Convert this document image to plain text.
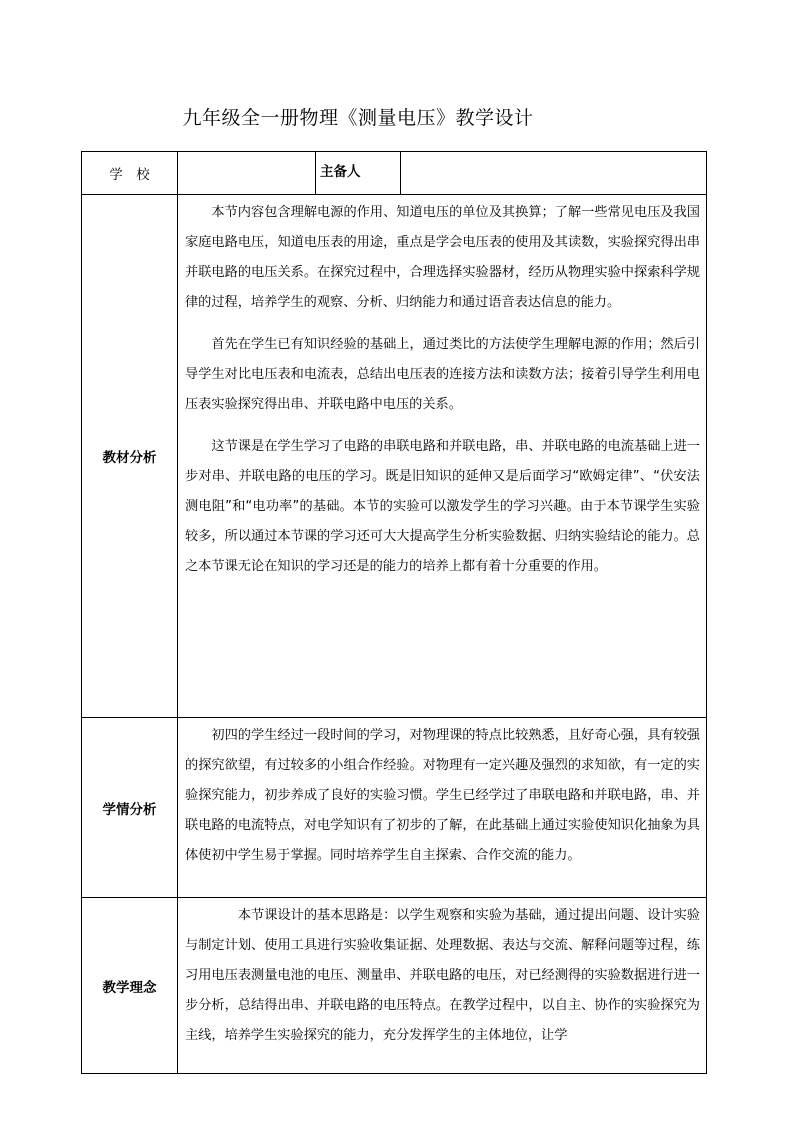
九年级全一册物理《测量电压》教学设计
学　校		主备人	
教材分析	本节内容包含理解电源的作用、知道电压的单位及其换算；了解一些常见电压及我国家庭电路电压，知道电压表的用途，重点是学会电压表的使用及其读数，实验探究得出串并联电路的电压关系。在探究过程中，合理选择实验器材，经历从物理实验中探索科学规律的过程，培养学生的观察、分析、归纳能力和通过语音表达信息的能力。

首先在学生已有知识经验的基础上，通过类比的方法使学生理解电源的作用；然后引导学生对比电压表和电流表，总结出电压表的连接方法和读数方法；接着引导学生利用电压表实验探究得出串、并联电路中电压的关系。

这节课是在学生学习了电路的串联电路和并联电路，串、并联电路的电流基础上进一步对串、并联电路的电压的学习。既是旧知识的延伸又是后面学习“欧姆定律”、“伏安法测电阻”和“电功率”的基础。本节的实验可以激发学生的学习兴趣。由于本节课学生实验较多，所以通过本节课的学习还可大大提高学生分析实验数据、归纳实验结论的能力。总之本节课无论在知识的学习还是的能力的培养上都有着十分重要的作用。		

学情分析	初四的学生经过一段时间的学习，对物理课的特点比较熟悉，且好奇心强，具有较强的探究欲望，有过较多的小组合作经验。对物理有一定兴趣及强烈的求知欲，有一定的实验探究能力，初步养成了良好的实验习惯。学生已经学过了串联电路和并联电路，串、并联电路的电流特点，对电学知识有了初步的了解，在此基础上通过实验使知识化抽象为具体使初中学生易于掌握。同时培养学生自主探索、合作交流的能力。		

教学理念	本节课设计的基本思路是：以学生观察和实验为基础，通过提出问题、设计实验与制定计划、使用工具进行实验收集证据、处理数据、表达与交流、解释问题等过程，练习用电压表测量电池的电压、测量串、并联电路的电压，对已经测得的实验数据进行进一步分析，总结得出串、并联电路的电压特点。在教学过程中，以自主、协作的实验探究为主线，培养学生实验探究的能力，充分发挥学生的主体地位，让学		
